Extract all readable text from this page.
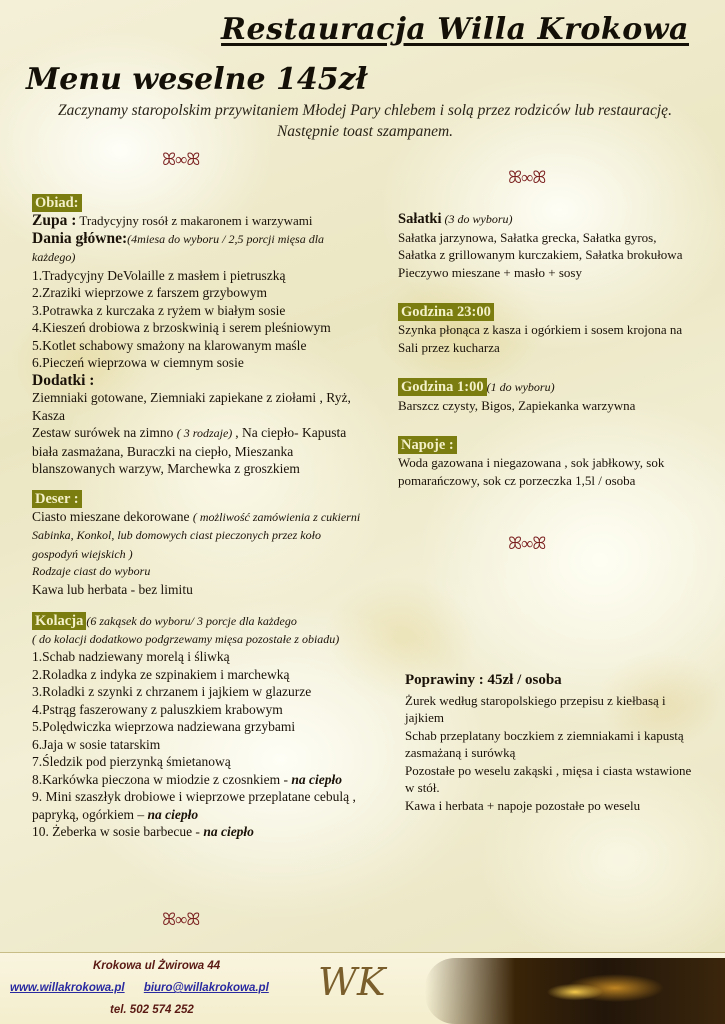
Restauracja Willa Krokowa
Menu weselne 145zł
Zaczynamy staropolskim przywitaniem Młodej Pary chlebem i solą przez rodziców lub restaurację.
Następnie toast szampanem.
ꕤ∞ꕤ
ꕤ∞ꕤ
ꕤ∞ꕤ
ꕤ∞ꕤ
Obiad:

Zupa : Tradycyjny rosół z makaronem i warzywami

Dania główne:(4miesa do wyboru / 2,5 porcji mięsa dla każdego)

1.Tradycyjny DeVolaille z masłem i pietruszką

2.Zraziki wieprzowe z farszem grzybowym

3.Potrawka z kurczaka z ryżem w białym sosie

4.Kieszeń drobiowa z brzoskwinią i serem pleśniowym

5.Kotlet schabowy smażony na klarowanym maśle

6.Pieczeń wieprzowa w ciemnym sosie

Dodatki :

Ziemniaki gotowane, Ziemniaki zapiekane z ziołami , Ryż, Kasza

Zestaw surówek na zimno ( 3 rodzaje) , Na ciepło- Kapusta biała zasmażana, Buraczki na ciepło, Mieszanka blanszowanych warzyw, Marchewka z groszkiem

Deser :

Ciasto mieszane dekorowane ( możliwość zamówienia z cukierni Sabinka, Konkol, lub domowych ciast pieczonych przez koło gospodyń wiejskich )

Rodzaje ciast do wyboru

Kawa lub herbata - bez limitu

Kolacja(6 zakąsek do wyboru/ 3 porcje dla każdego

( do kolacji dodatkowo podgrzewamy mięsa pozostałe z obiadu)

1.Schab nadziewany morelą i śliwką

2.Roladka z indyka ze szpinakiem i marchewką

3.Roladki z szynki z chrzanem i jajkiem w glazurze

4.Pstrąg faszerowany z paluszkiem krabowym

5.Polędwiczka wieprzowa nadziewana grzybami

6.Jaja w sosie tatarskim

7.Śledzik pod pierzynką śmietanową

8.Karkówka pieczona w miodzie z czosnkiem - na ciepło

9. Mini szaszłyk drobiowe i wieprzowe przeplatane cebulą , papryką, ogórkiem – na ciepło

10. Żeberka w sosie barbecue - na ciepło

Sałatki (3 do wyboru)

Sałatka jarzynowa, Sałatka grecka, Sałatka gyros, Sałatka z grillowanym kurczakiem, Sałatka brokułowa

Pieczywo mieszane + masło + sosy

Godzina 23:00

Szynka płonąca z kasza i ogórkiem i sosem krojona na Sali przez kucharza

Godzina 1:00(1 do wyboru)

Barszcz czysty, Bigos, Zapiekanka warzywna

Napoje :

Woda gazowana i niegazowana , sok jabłkowy, sok pomarańczowy, sok cz porzeczka 1,5l / osoba

Poprawiny : 45zł / osoba

Żurek według staropolskiego przepisu z kiełbasą i jajkiem

Schab przeplatany boczkiem z ziemniakami i kapustą zasmażaną i surówką

Pozostałe po weselu zakąski , mięsa i ciasta wstawione w stół.

Kawa i herbata + napoje pozostałe po weselu

Krokowa ul Żwirowa 44
www.willakrokowa.pl biuro@willakrokowa.pl
tel. 502 574 252
WK
